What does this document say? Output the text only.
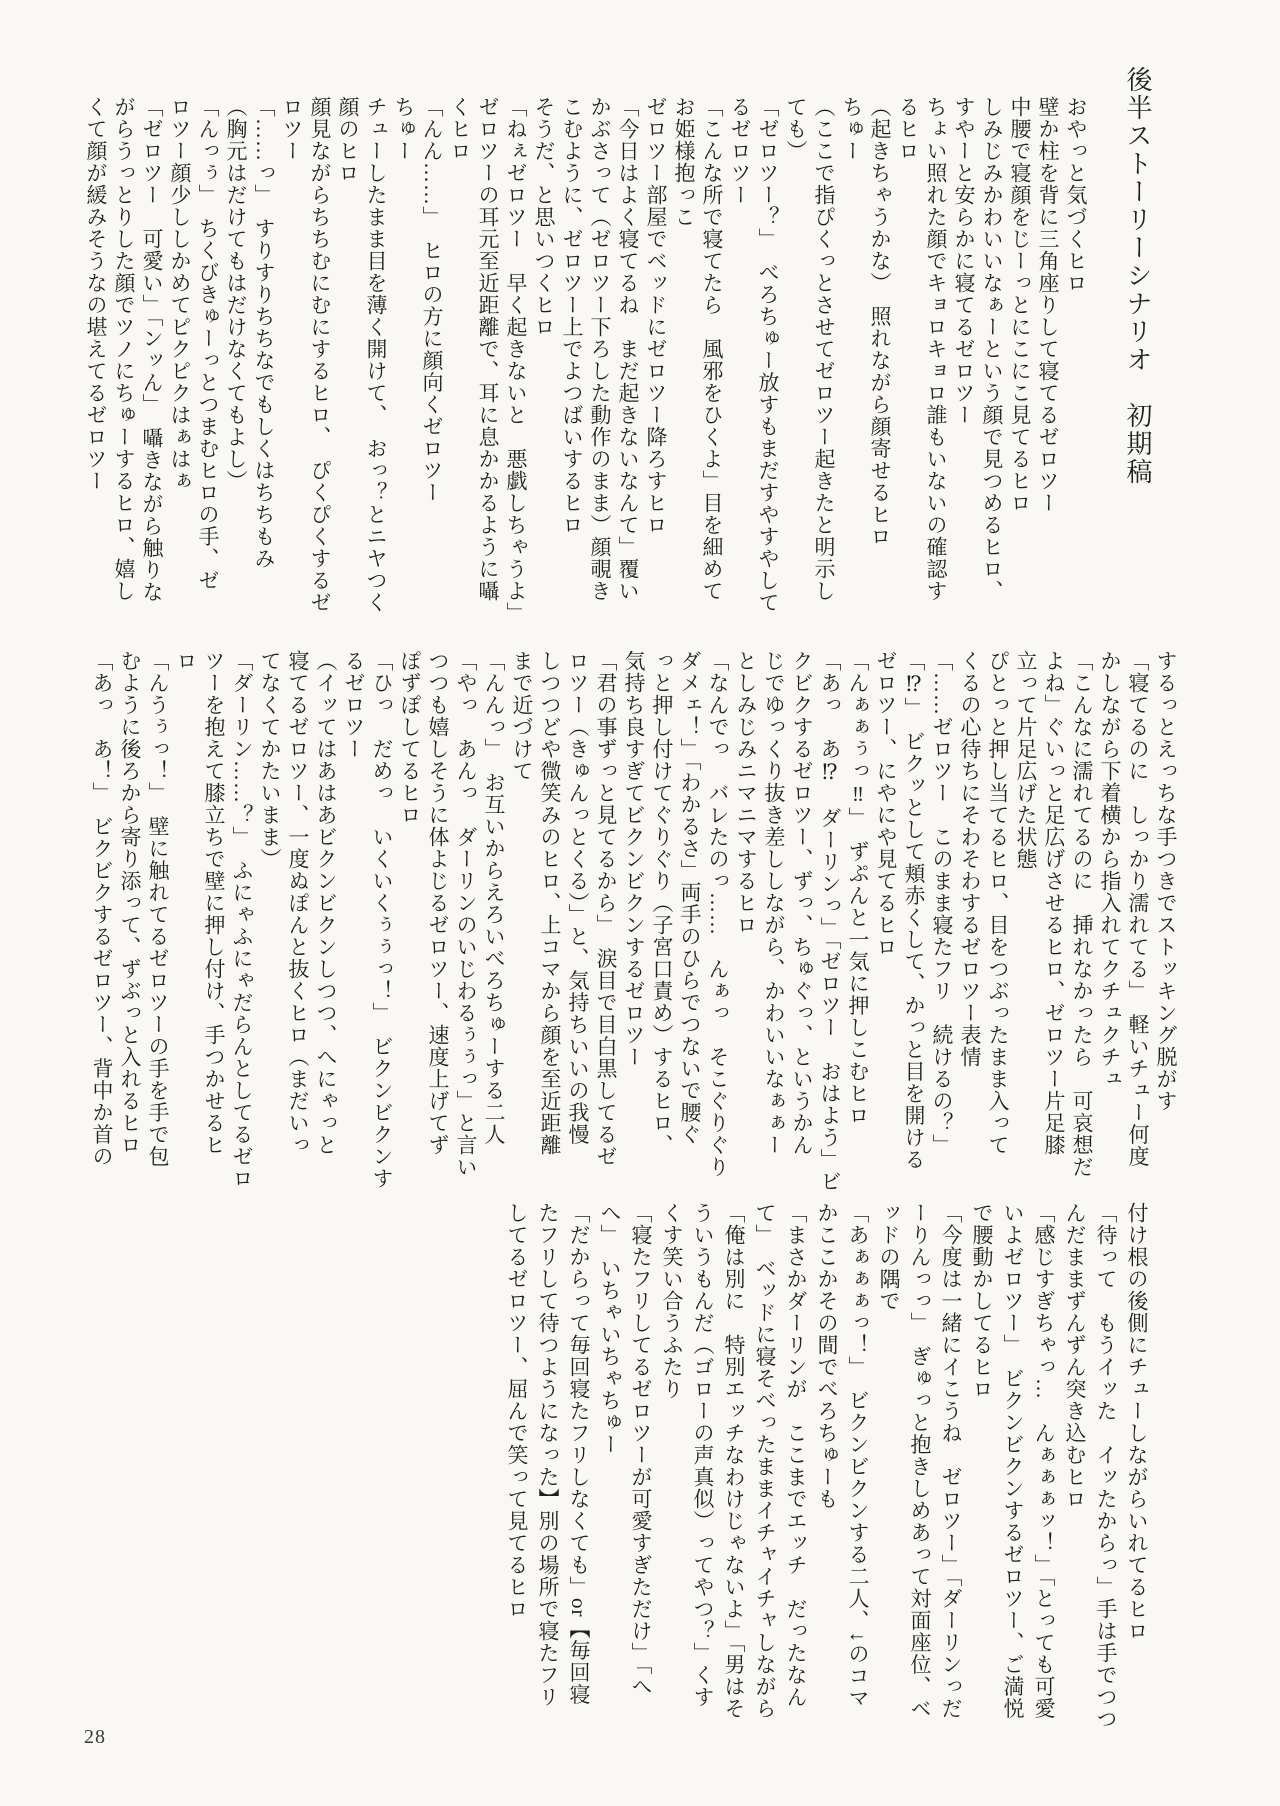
後半ストーリーシナリオ　初期稿
おやっと気づくヒロ
壁か柱を背に三角座りして寝てるゼロツー
中腰で寝顔をじーっとにこにこ見てるヒロ
しみじみかわいいなぁーという顔で見つめるヒロ、
すやーと安らかに寝てるゼロツー
ちょい照れた顔でキョロキョロ誰もいないの確認す
るヒロ
（起きちゃうかな）　照れながら顔寄せるヒロ
ちゅー
（ここで指ぴくっとさせてゼロツー起きたと明示し
ても）
「ゼロツー？」　べろちゅー放すもまだすやすやして
るゼロツー
「こんな所で寝てたら　風邪をひくよ」目を細めて
お姫様抱っこ
ゼロツー部屋でベッドにゼロツー降ろすヒロ
「今日はよく寝てるね　まだ起きないなんて」覆い
かぶさって（ゼロツー下ろした動作のまま）顔覗き
こむように、ゼロツー上でよつばいするヒロ
そうだ、と思いつくヒロ
「ねぇゼロツー　早く起きないと　悪戯しちゃうよ」
ゼロツーの耳元至近距離で、耳に息かかるように囁
くヒロ
「んん……」　ヒロの方に顔向くゼロツー
ちゅー
チューしたまま目を薄く開けて、　おっ？とニヤつく
顔のヒロ
顔見ながらちちむにむにするヒロ、　ぴくぴくするゼ
ロツー
「……っ」　すりすりちちなでもしくはちちもみ
（胸元はだけてもはだけなくてもよし）
「んっぅ」　ちくびきゅーっとつまむヒロの手、ゼ
ロツー顔少ししかめてピクピクはぁはぁ
「ゼロツー　可愛い」「ンッん」　囁きながら触りな
がらうっとりした顔でツノにちゅーするヒロ、嬉し
くて顔が緩みそうなの堪えてるゼロツー
するっとえっちな手つきでストッキング脱がす
「寝てるのに　しっかり濡れてる」　軽いチュー何度
かしながら下着横から指入れてクチュクチュ
「こんなに濡れてるのに　挿れなかったら　可哀想だ
よね」ぐいっと足広げさせるヒロ、ゼロツー片足膝
立って片足広げた状態
ぴとっと押し当てるヒロ、目をつぶったまま入って
くるの心待ちにそわそわするゼロツー表情
「……ゼロツー　このまま寝たフリ　続けるの？」
「⁉」　ビクッとして頬赤くして、かっと目を開ける
ゼロツー、にやにや見てるヒロ
「んぁぁぅっ‼」　ずぷんと一気に押しこむヒロ
「あっ　あ⁉　ダーリンっ」「ゼロツー　おはよう」ビ
クビクするゼロツー、ずっ、ちゅぐっ、というかん
じでゆっくり抜き差ししながら、かわいいなぁぁー
としみじみニマニマするヒロ
「なんでっ　バレたのっ……　んぁっ　そこぐりぐり
ダメェ！」「わかるさ」両手のひらでつないで腰ぐ
っと押し付けてぐりぐり（子宮口責め）するヒロ、
気持ち良すぎてビクンビクンするゼロツー
「君の事ずっと見てるから」　涙目で目白黒してるゼ
ロツー（きゅんっとくる）」と、気持ちいいの我慢
しつつどや微笑みのヒロ、上コマから顔を至近距離
まで近づけて
「んんっ」　お互いからえろいべろちゅーする二人
「やっ　あんっ　ダーリンのいじわるぅぅっ」と言い
つつも嬉しそうに体よじるゼロツー、速度上げてず
ぽずぽしてるヒロ
「ひっ　だめっ　いくいくぅぅっ！」　ビクンビクンす
るゼロツー
（イッてはあはあビクンビクンしつつ、へにゃっと
寝てるゼロツー、一度ぬぽんと抜くヒロ（まだいっ
てなくてかたいまま）
「ダーリン……？」　ふにゃふにゃだらんとしてるゼロ
ツーを抱えて膝立ちで壁に押し付け、手つかせるヒ
ロ
「んうぅっ！」　壁に触れてるゼロツーの手を手で包
むように後ろから寄り添って、ずぶっと入れるヒロ
「あっ　あ！」　ビクビクするゼロツー、背中か首の
付け根の後側にチューしながらいれてるヒロ
「待って　もうイッた　イッたからっ」手は手でつつ
んだままずんずん突き込むヒロ
「感じすぎちゃっ…　んぁぁぁッ！」「とっても可愛
いよゼロツー」　ビクンビクンするゼロツー、ご満悦
で腰動かしてるヒロ
「今度は一緒にイこうね　ゼロツー」「ダーリンっだ
ーりんっっ」　ぎゅっと抱きしめあって対面座位、ベ
ッドの隅で
「あぁぁぁっ！」　ビクンビクンする二人、↓のコマ
かここかその間でべろちゅーも
「まさかダーリンが　ここまでエッチ　だったなん
て」　ベッドに寝そべったままイチャイチャしながら
「俺は別に　特別エッチなわけじゃないよ」「男はそ
ういうもんだ（ゴローの声真似）ってやつ？」くす
くす笑い合うふたり
「寝たフリしてるゼロツーが可愛すぎただけ」「へ
へ」　いちゃいちゃちゅー
「だからって毎回寝たフリしなくても」or【毎回寝
たフリして待つようになった】別の場所で寝たフリ
してるゼロツー、屈んで笑って見てるヒロ
28
